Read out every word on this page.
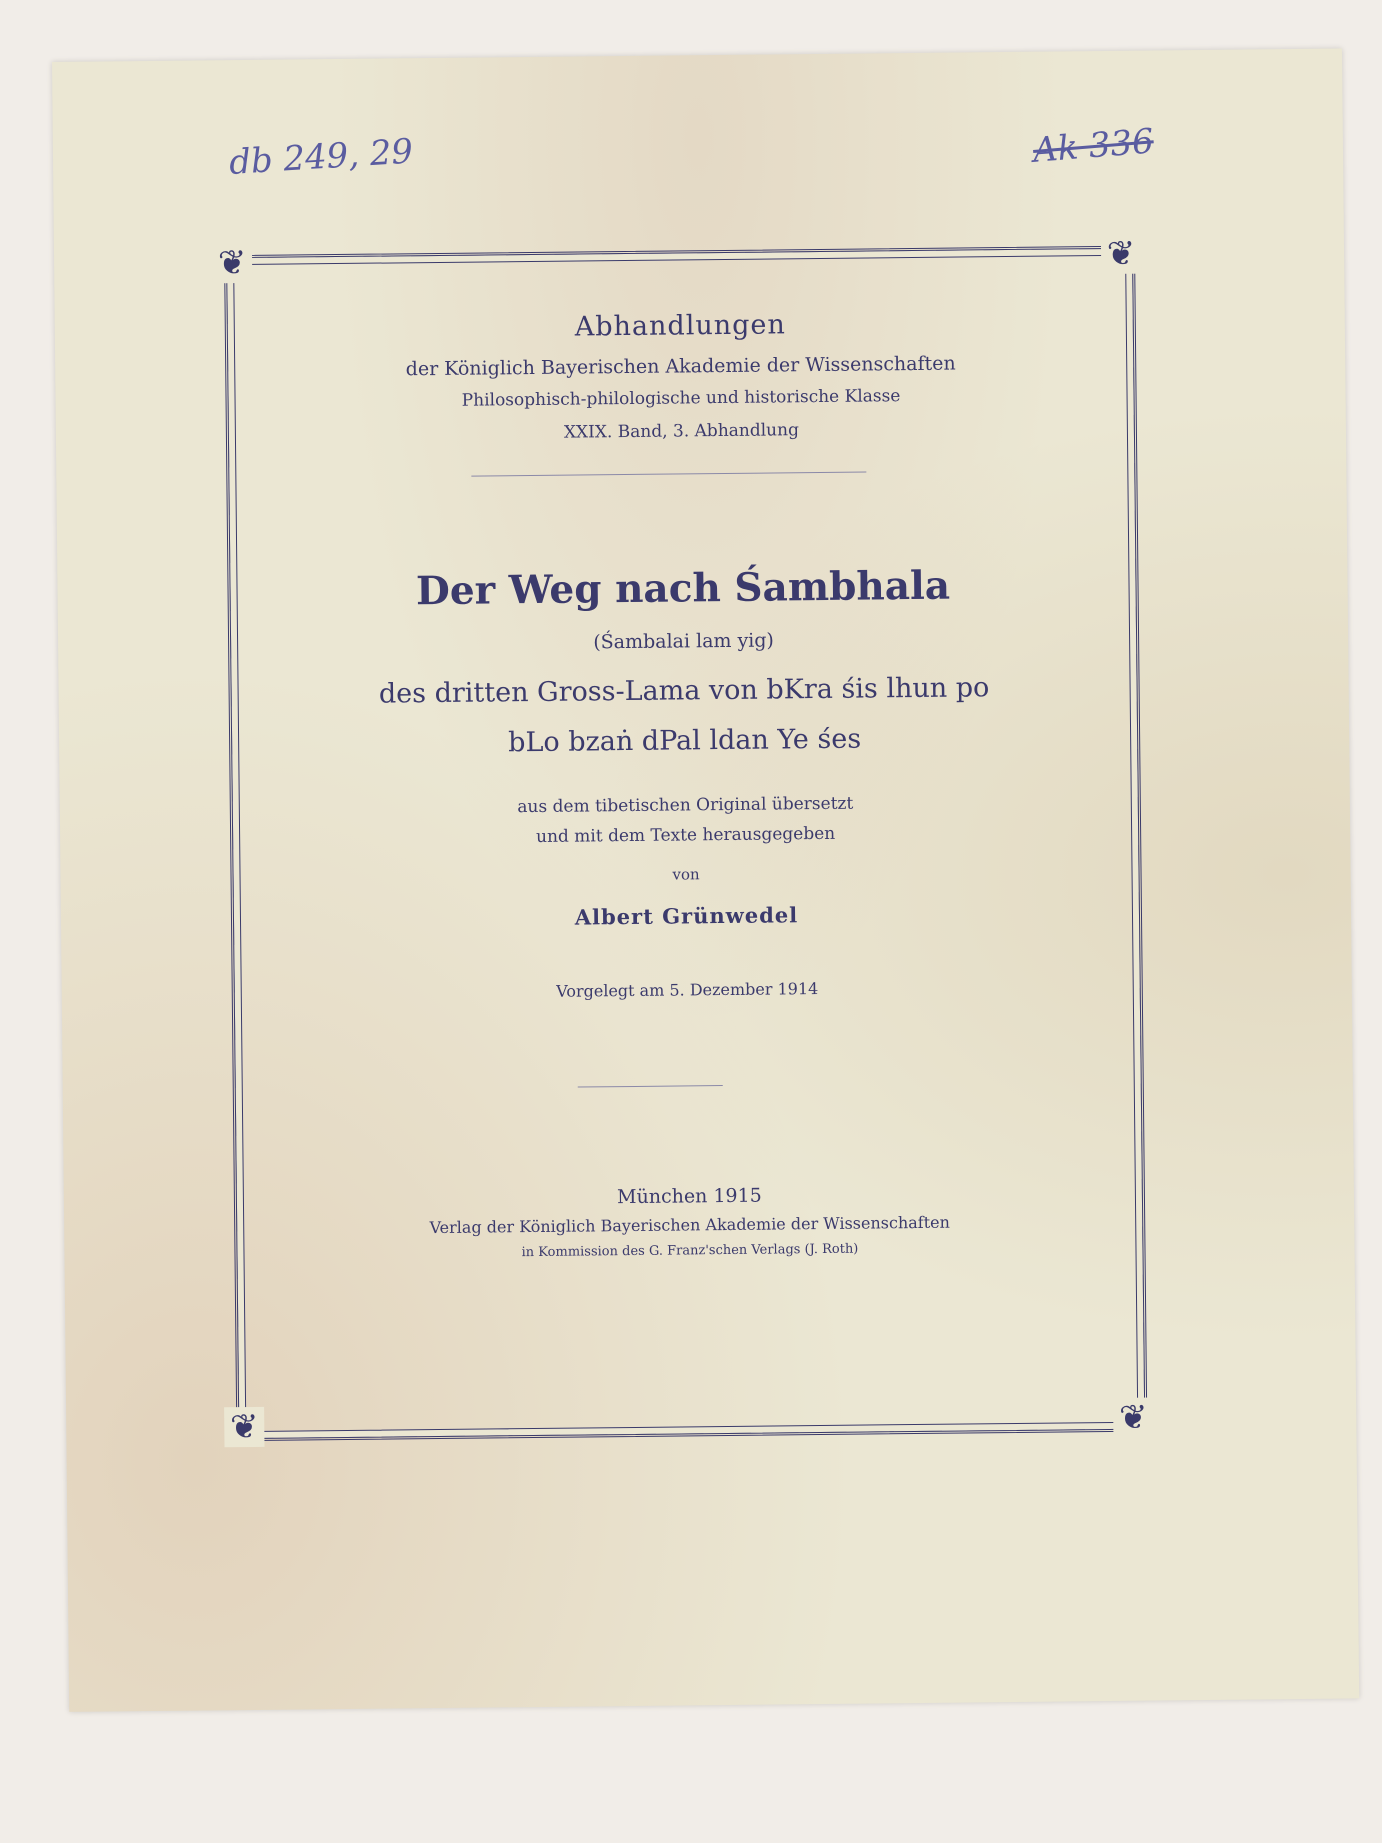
db 249, 29	Ak 336
❦	❦
❦	❦
Abhandlungen
der Königlich Bayerischen Akademie der Wissenschaften
Philosophisch-philologische und historische Klasse
XXIX. Band, 3. Abhandlung
Der Weg nach Śambhala
(Śambalai lam yig)
des dritten Gross-Lama von bKra śis lhun po
bLo bzaṅ dPal ldan Ye śes
aus dem tibetischen Original übersetzt
und mit dem Texte herausgegeben
von
Albert Grünwedel
Vorgelegt am 5. Dezember 1914
München 1915
Verlag der Königlich Bayerischen Akademie der Wissenschaften
in Kommission des G. Franz'schen Verlags (J. Roth)
